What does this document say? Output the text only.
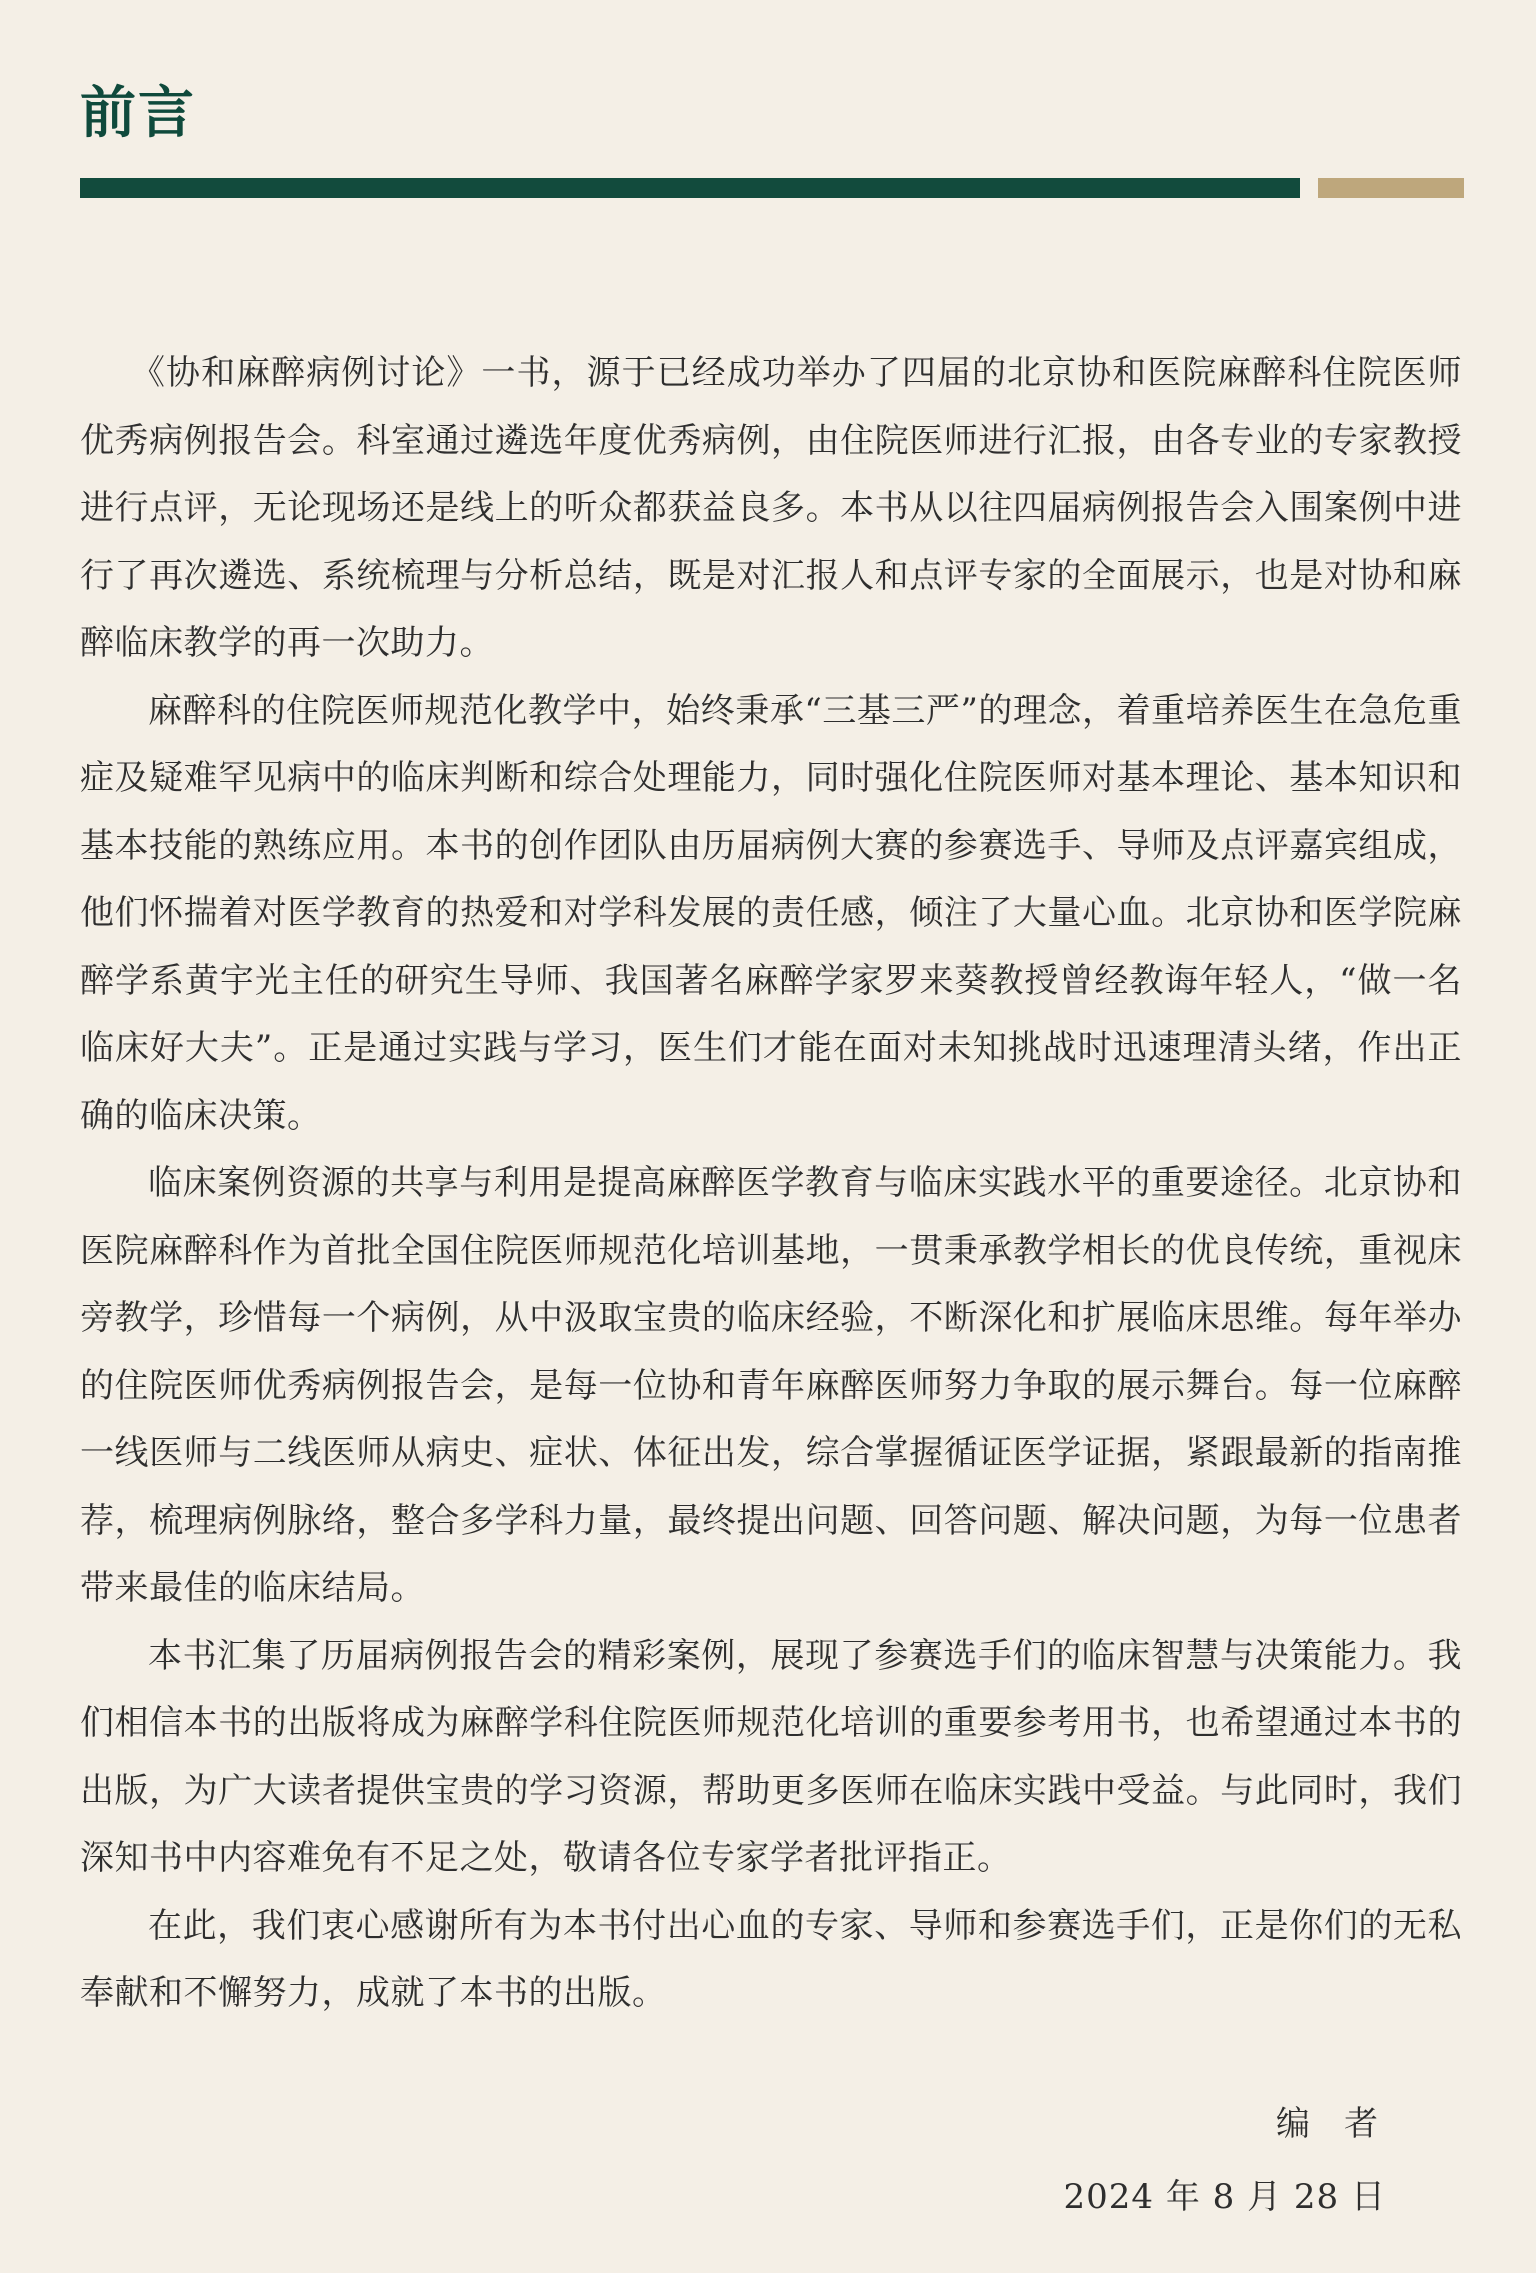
前言

《协和麻醉病例讨论》一书，源于已经成功举办了四届的北京协和医院麻醉科住院医师优秀病例报告会。科室通过遴选年度优秀病例，由住院医师进行汇报，由各专业的专家教授进行点评，无论现场还是线上的听众都获益良多。本书从以往四届病例报告会入围案例中进行了再次遴选、系统梳理与分析总结，既是对汇报人和点评专家的全面展示，也是对协和麻醉临床教学的再一次助力。

麻醉科的住院医师规范化教学中，始终秉承“三基三严”的理念，着重培养医生在急危重症及疑难罕见病中的临床判断和综合处理能力，同时强化住院医师对基本理论、基本知识和基本技能的熟练应用。本书的创作团队由历届病例大赛的参赛选手、导师及点评嘉宾组成，他们怀揣着对医学教育的热爱和对学科发展的责任感，倾注了大量心血。北京协和医学院麻醉学系黄宇光主任的研究生导师、我国著名麻醉学家罗来葵教授曾经教诲年轻人，“做一名临床好大夫”。正是通过实践与学习，医生们才能在面对未知挑战时迅速理清头绪，作出正确的临床决策。

临床案例资源的共享与利用是提高麻醉医学教育与临床实践水平的重要途径。北京协和医院麻醉科作为首批全国住院医师规范化培训基地，一贯秉承教学相长的优良传统，重视床旁教学，珍惜每一个病例，从中汲取宝贵的临床经验，不断深化和扩展临床思维。每年举办的住院医师优秀病例报告会，是每一位协和青年麻醉医师努力争取的展示舞台。每一位麻醉一线医师与二线医师从病史、症状、体征出发，综合掌握循证医学证据，紧跟最新的指南推荐，梳理病例脉络，整合多学科力量，最终提出问题、回答问题、解决问题，为每一位患者带来最佳的临床结局。

本书汇集了历届病例报告会的精彩案例，展现了参赛选手们的临床智慧与决策能力。我们相信本书的出版将成为麻醉学科住院医师规范化培训的重要参考用书，也希望通过本书的出版，为广大读者提供宝贵的学习资源，帮助更多医师在临床实践中受益。与此同时，我们深知书中内容难免有不足之处，敬请各位专家学者批评指正。

在此，我们衷心感谢所有为本书付出心血的专家、导师和参赛选手们，正是你们的无私奉献和不懈努力，成就了本书的出版。

编者
2024 年 8 月 28 日
